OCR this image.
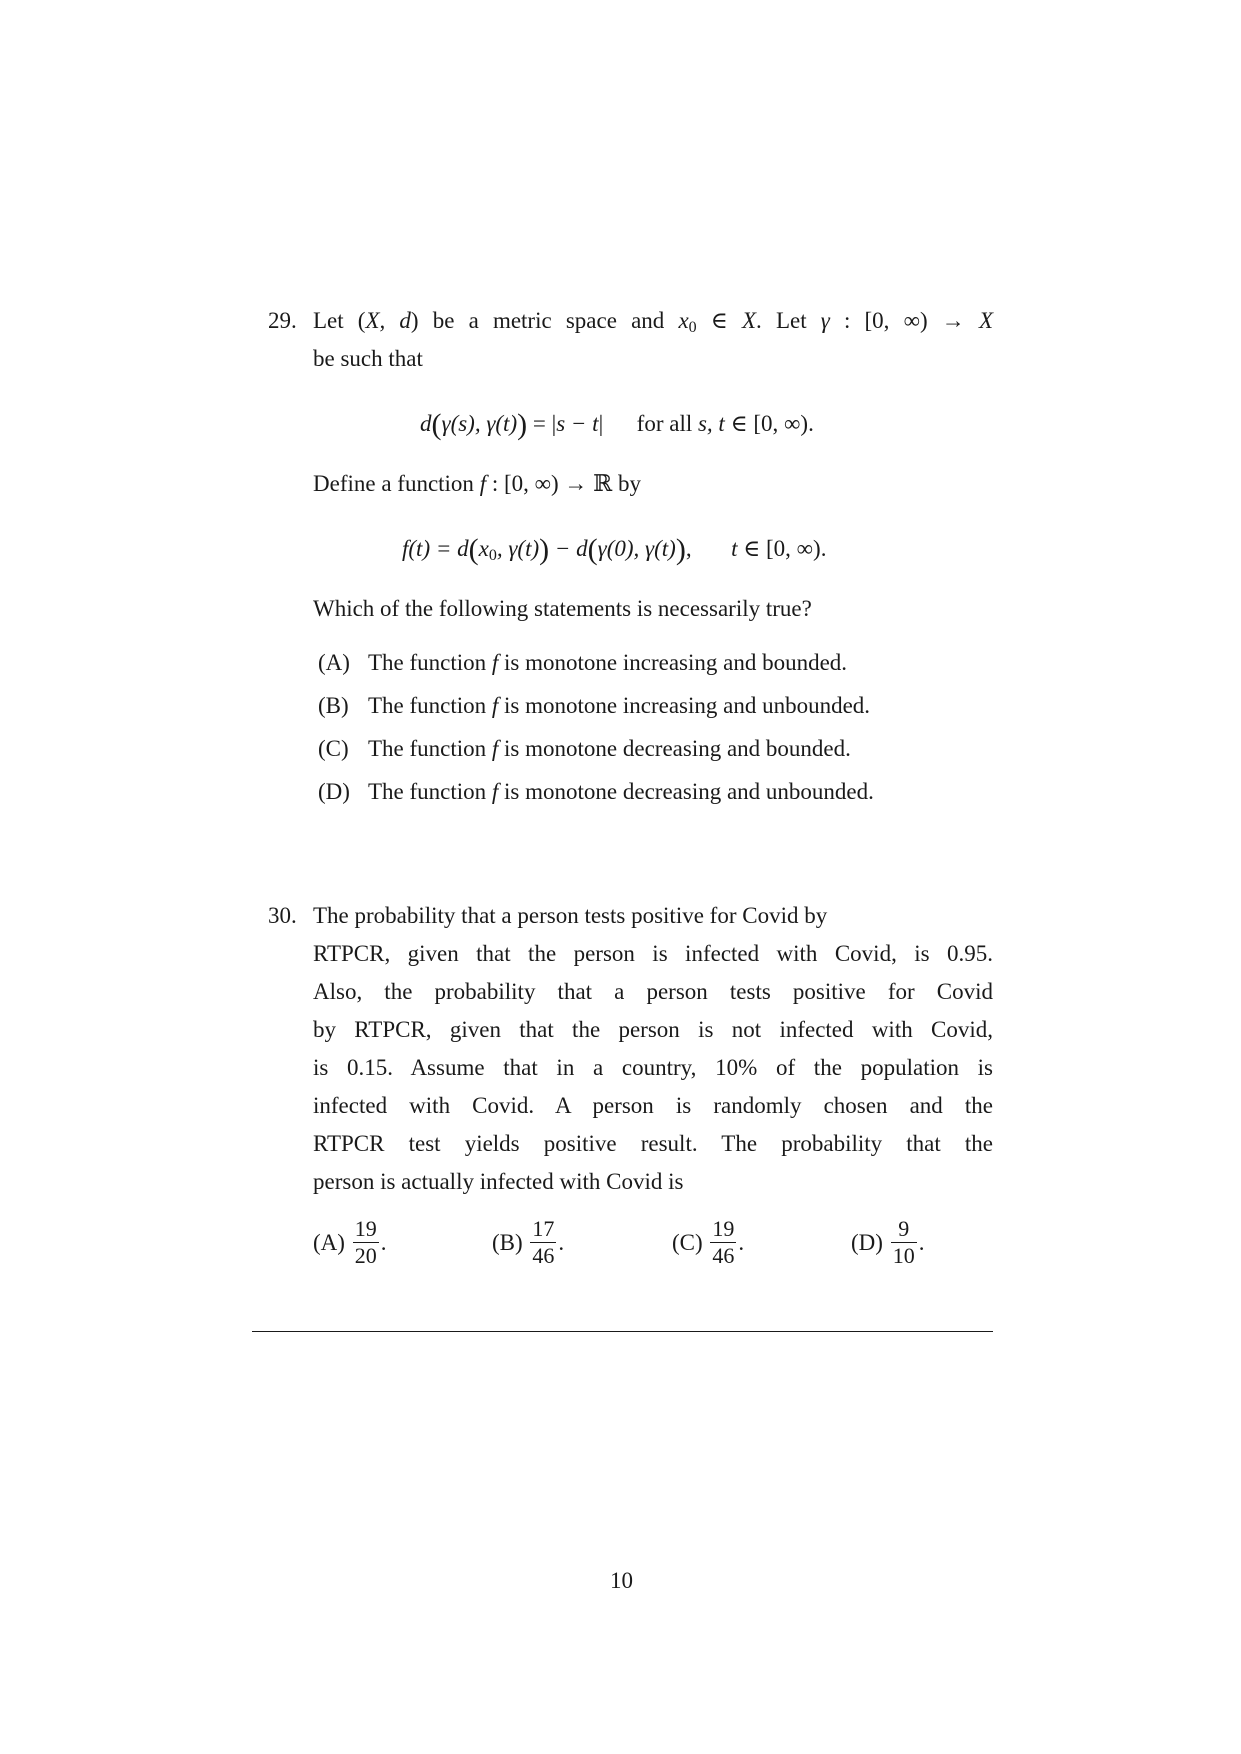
29. Let (X, d) be a metric space and $x_0$ ∈ X. Let γ : [0, ∞) → X
be such that
d(γ(s), γ(t)) = |s − t| for all s, t ∈ [0, ∞).
Define a function f : [0, ∞) → ℝ by
$f(t) = d(x_0$, γ(t)) − d(γ(0), γ(t)), t ∈ [0, ∞).
Which of the following statements is necessarily true?
(A) The function f is monotone increasing and bounded.
(B) The function f is monotone increasing and unbounded.
(C) The function f is monotone decreasing and bounded.
(D) The function f is monotone decreasing and unbounded.
30. The probability that a person tests positive for Covid by
RTPCR, given that the person is infected with Covid, is 0.95.
Also, the probability that a person tests positive for Covid
by RTPCR, given that the person is not infected with Covid,
is 0.15. Assume that in a country, 10% of the population is
infected with Covid. A person is randomly chosen and the
RTPCR test yields positive result. The probability that the
person is actually infected with Covid is
$(A) \frac{19}{20}$ .	$(B) \frac{17}{46}$ .	$(C) \frac{19}{46}$ .	$(D) \frac{9}{10}$ .
10
